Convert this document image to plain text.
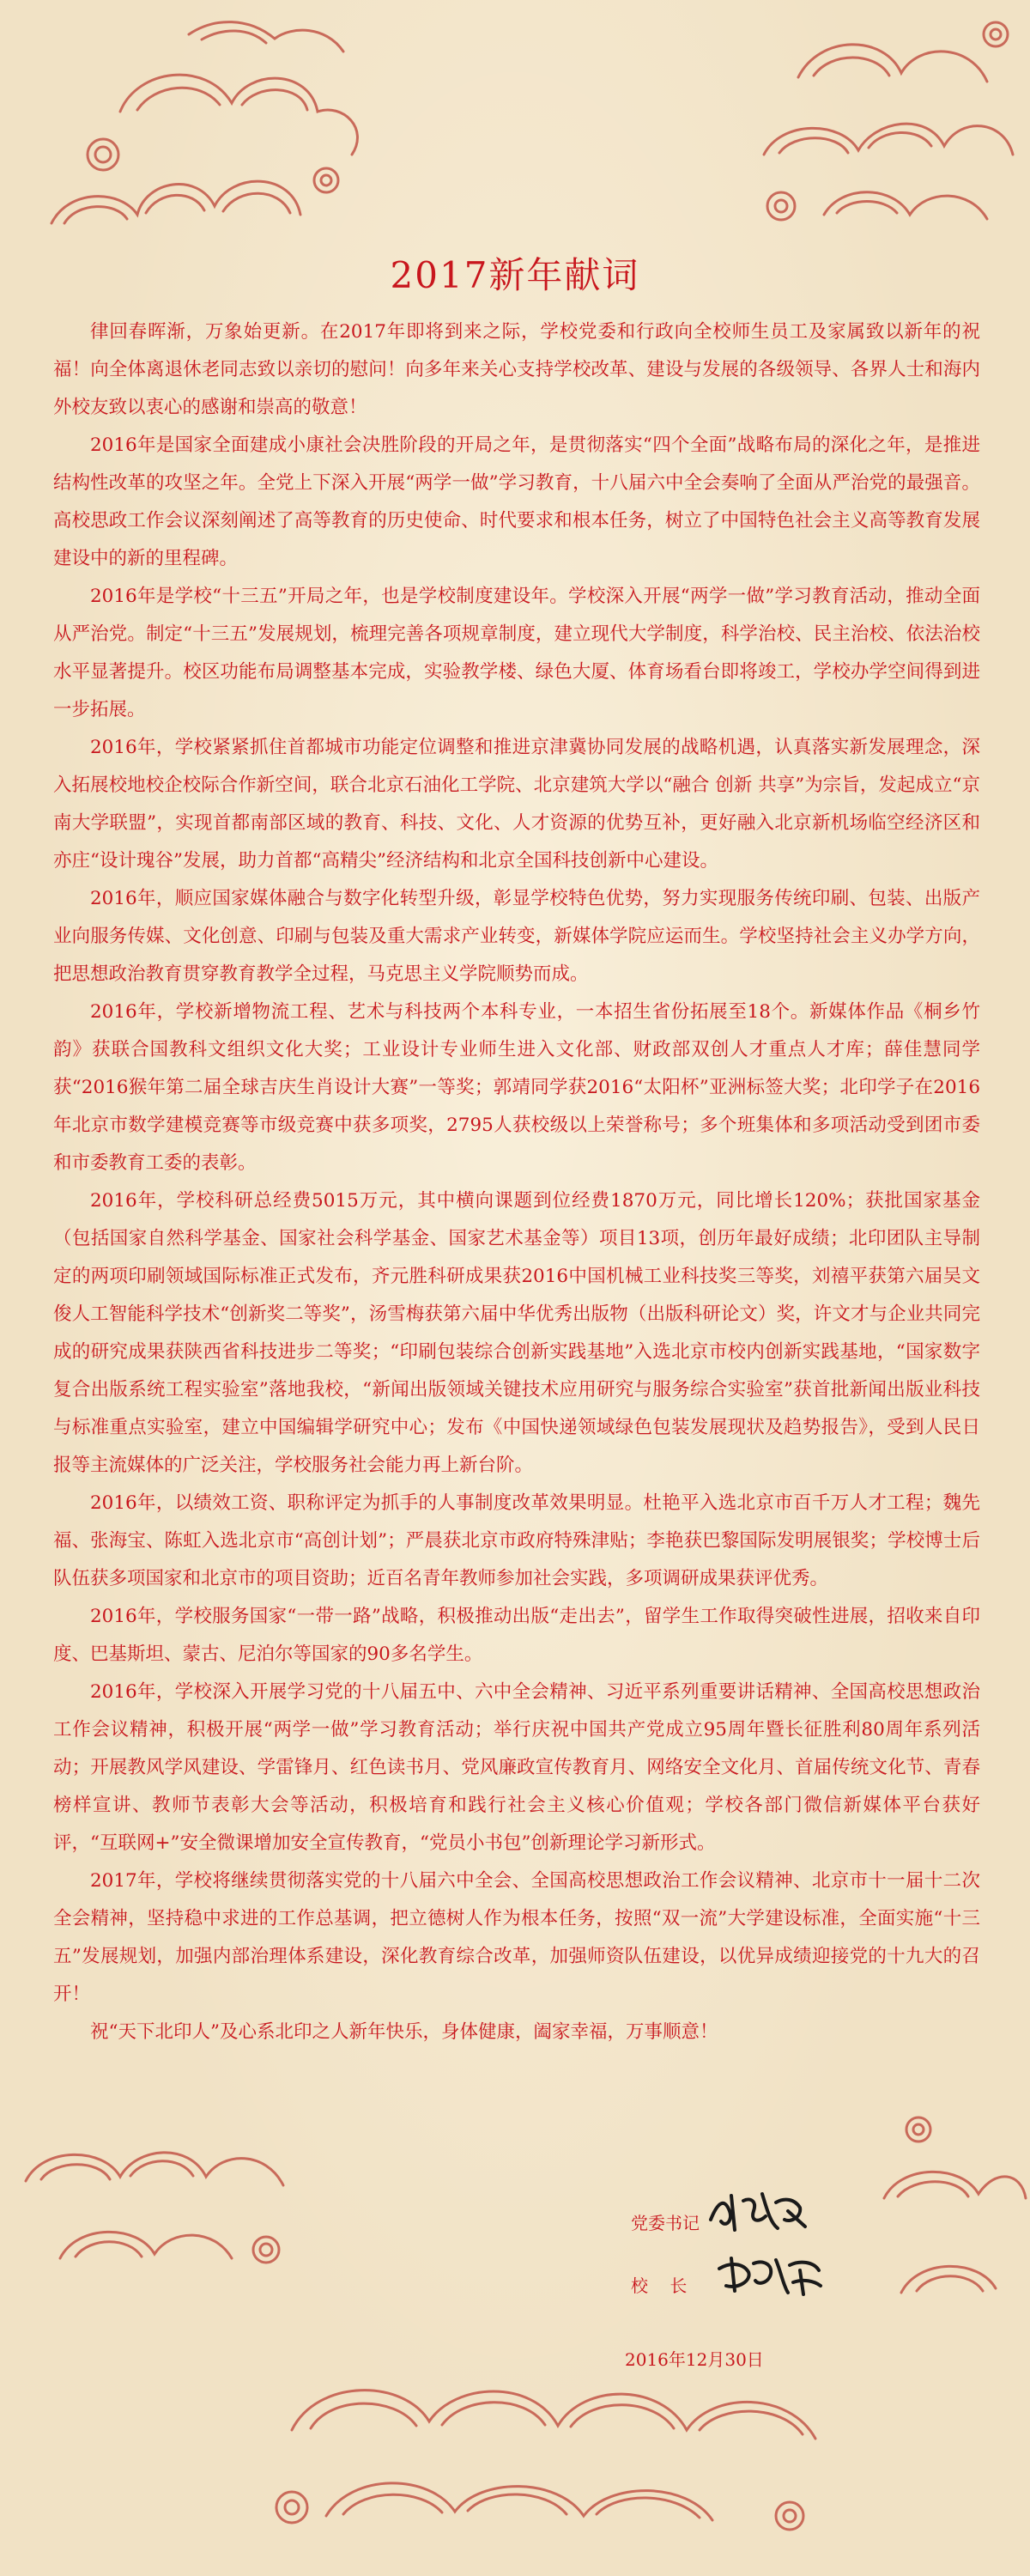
2017新年献词

律回春晖渐，万象始更新。在2017年即将到来之际，学校党委和行政向全校师生员工及家属致以新年的祝福！向全体离退休老同志致以亲切的慰问！向多年来关心支持学校改革、建设与发展的各级领导、各界人士和海内外校友致以衷心的感谢和崇高的敬意！

2016年是国家全面建成小康社会决胜阶段的开局之年，是贯彻落实“四个全面”战略布局的深化之年，是推进结构性改革的攻坚之年。全党上下深入开展“两学一做”学习教育，十八届六中全会奏响了全面从严治党的最强音。高校思政工作会议深刻阐述了高等教育的历史使命、时代要求和根本任务，树立了中国特色社会主义高等教育发展建设中的新的里程碑。

2016年是学校“十三五”开局之年，也是学校制度建设年。学校深入开展“两学一做”学习教育活动，推动全面从严治党。制定“十三五”发展规划，梳理完善各项规章制度，建立现代大学制度，科学治校、民主治校、依法治校水平显著提升。校区功能布局调整基本完成，实验教学楼、绿色大厦、体育场看台即将竣工，学校办学空间得到进一步拓展。

2016年，学校紧紧抓住首都城市功能定位调整和推进京津冀协同发展的战略机遇，认真落实新发展理念，深入拓展校地校企校际合作新空间，联合北京石油化工学院、北京建筑大学以“融合 创新 共享”为宗旨，发起成立“京南大学联盟”，实现首都南部区域的教育、科技、文化、人才资源的优势互补，更好融入北京新机场临空经济区和亦庄“设计瑰谷”发展，助力首都“高精尖”经济结构和北京全国科技创新中心建设。

2016年，顺应国家媒体融合与数字化转型升级，彰显学校特色优势，努力实现服务传统印刷、包装、出版产业向服务传媒、文化创意、印刷与包装及重大需求产业转变，新媒体学院应运而生。学校坚持社会主义办学方向，把思想政治教育贯穿教育教学全过程，马克思主义学院顺势而成。

2016年，学校新增物流工程、艺术与科技两个本科专业，一本招生省份拓展至18个。新媒体作品《桐乡竹韵》获联合国教科文组织文化大奖；工业设计专业师生进入文化部、财政部双创人才重点人才库；薛佳慧同学获“2016猴年第二届全球吉庆生肖设计大赛”一等奖；郭靖同学获2016“太阳杯”亚洲标签大奖；北印学子在2016年北京市数学建模竞赛等市级竞赛中获多项奖，2795人获校级以上荣誉称号；多个班集体和多项活动受到团市委和市委教育工委的表彰。

2016年，学校科研总经费5015万元，其中横向课题到位经费1870万元，同比增长120%；获批国家基金（包括国家自然科学基金、国家社会科学基金、国家艺术基金等）项目13项，创历年最好成绩；北印团队主导制定的两项印刷领域国际标准正式发布，齐元胜科研成果获2016中国机械工业科技奖三等奖，刘禧平获第六届吴文俊人工智能科学技术“创新奖二等奖”，汤雪梅获第六届中华优秀出版物（出版科研论文）奖，许文才与企业共同完成的研究成果获陕西省科技进步二等奖；“印刷包装综合创新实践基地”入选北京市校内创新实践基地，“国家数字复合出版系统工程实验室”落地我校，“新闻出版领域关键技术应用研究与服务综合实验室”获首批新闻出版业科技与标准重点实验室，建立中国编辑学研究中心；发布《中国快递领域绿色包装发展现状及趋势报告》，受到人民日报等主流媒体的广泛关注，学校服务社会能力再上新台阶。

2016年，以绩效工资、职称评定为抓手的人事制度改革效果明显。杜艳平入选北京市百千万人才工程；魏先福、张海宝、陈虹入选北京市“高创计划”；严晨获北京市政府特殊津贴；李艳获巴黎国际发明展银奖；学校博士后队伍获多项国家和北京市的项目资助；近百名青年教师参加社会实践，多项调研成果获评优秀。

2016年，学校服务国家“一带一路”战略，积极推动出版“走出去”，留学生工作取得突破性进展，招收来自印度、巴基斯坦、蒙古、尼泊尔等国家的90多名学生。

2016年，学校深入开展学习党的十八届五中、六中全会精神、习近平系列重要讲话精神、全国高校思想政治工作会议精神，积极开展“两学一做”学习教育活动；举行庆祝中国共产党成立95周年暨长征胜利80周年系列活动；开展教风学风建设、学雷锋月、红色读书月、党风廉政宣传教育月、网络安全文化月、首届传统文化节、青春榜样宣讲、教师节表彰大会等活动，积极培育和践行社会主义核心价值观；学校各部门微信新媒体平台获好评，“互联网+”安全微课增加安全宣传教育，“党员小书包”创新理论学习新形式。

2017年，学校将继续贯彻落实党的十八届六中全会、全国高校思想政治工作会议精神、北京市十一届十二次全会精神，坚持稳中求进的工作总基调，把立德树人作为根本任务，按照“双一流”大学建设标准，全面实施“十三五”发展规划，加强内部治理体系建设，深化教育综合改革，加强师资队伍建设，以优异成绩迎接党的十九大的召开！

祝“天下北印人”及心系北印之人新年快乐，身体健康，阖家幸福，万事顺意！

党委书记
校    长
2016年12月30日
